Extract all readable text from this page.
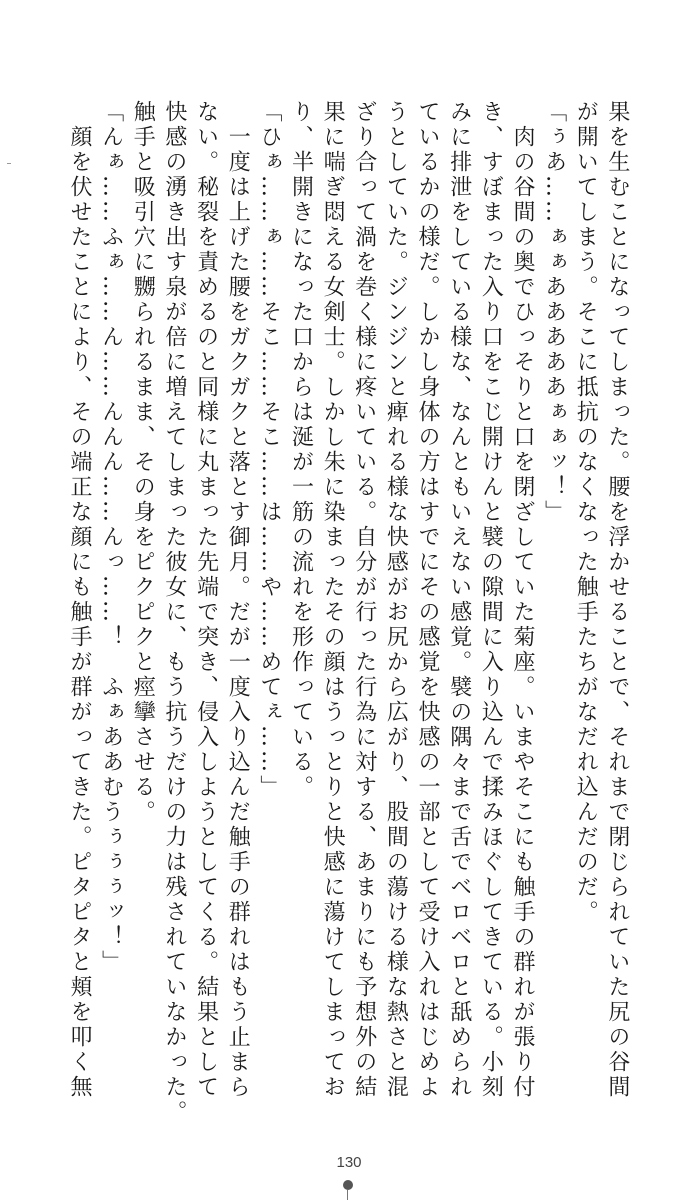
果を生むことになってしまった。腰を浮かせることで、それまで閉じられていた尻の谷間
が開いてしまう。そこに抵抗のなくなった触手たちがなだれ込んだのだ。
「ぅあ……ぁぁあああああぁぁッ！」
　肉の谷間の奥でひっそりと口を閉ざしていた菊座。いまやそこにも触手の群れが張り付
き、すぼまった入り口をこじ開けんと襞の隙間に入り込んで揉みほぐしてきている。小刻
みに排泄をしている様な、なんともいえない感覚。襞の隅々まで舌でベロベロと舐められ
ているかの様だ。しかし身体の方はすでにその感覚を快感の一部として受け入れはじめよ
うとしていた。ジンジンと痺れる様な快感がお尻から広がり、股間の蕩ける様な熱さと混
ざり合って渦を巻く様に疼いている。自分が行った行為に対する、あまりにも予想外の結
果に喘ぎ悶える女剣士。しかし朱に染まったその顔はうっとりと快感に蕩けてしまってお
り、半開きになった口からは涎が一筋の流れを形作っている。
「ひぁ……ぁ……そこ……そこ……は……や……めてぇ……」
　一度は上げた腰をガクガクと落とす御月。だが一度入り込んだ触手の群れはもう止まら
ない。秘裂を責めるのと同様に丸まった先端で突き、侵入しようとしてくる。結果として
快感の湧き出す泉が倍に増えてしまった彼女に、もう抗うだけの力は残されていなかった。
触手と吸引穴に嬲られるまま、その身をピクピクと痙攣させる。
「んぁ……ふぁ……ん……んんん……んっ……！　ふぁああむうぅぅぅッ！」
　顔を伏せたことにより、その端正な顔にも触手が群がってきた。ピタピタと頬を叩く無
130
